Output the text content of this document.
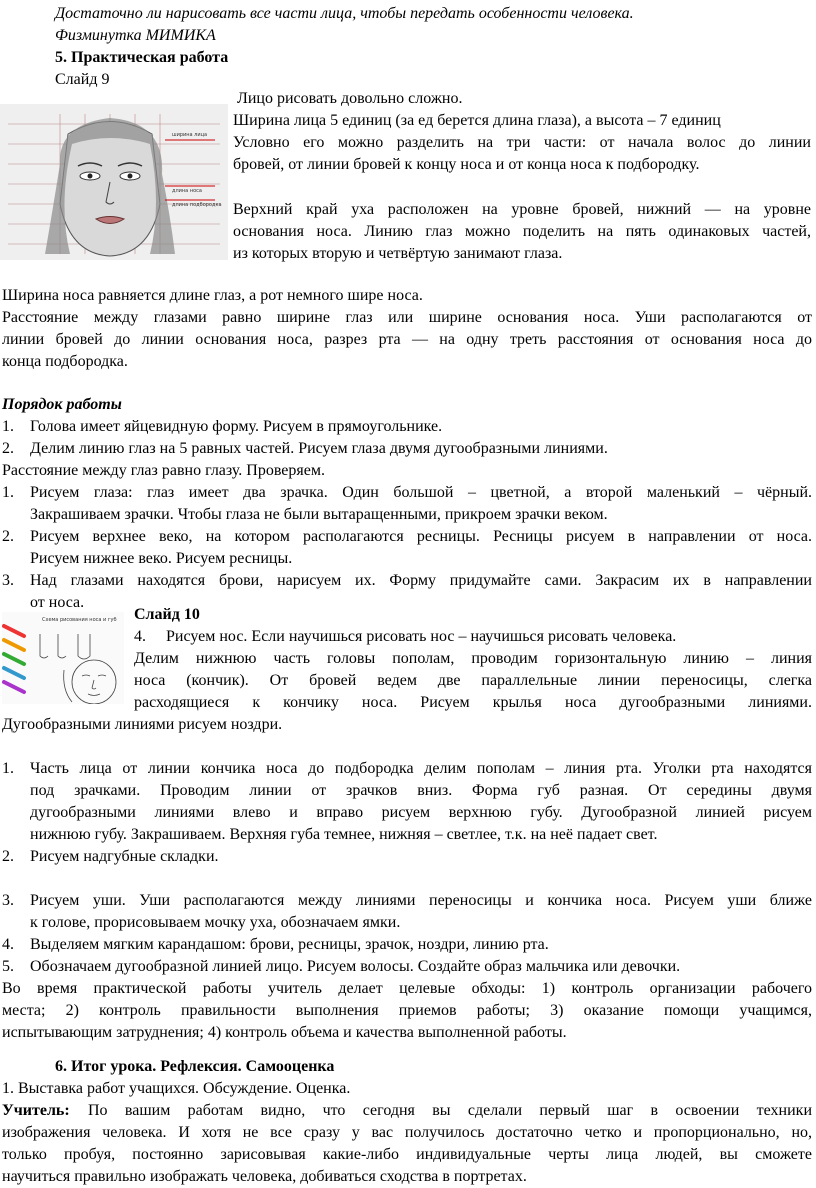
Достаточно ли нарисовать все части лица, чтобы передать особенности человека.
Физминутка МИМИКА
5. Практическая работа
Слайд 9
ширина лица
длина носа
длина подбородка
Лицо рисовать довольно сложно.
Ширина лица 5 единиц (за ед берется длина глаза), а высота – 7 единиц
Условно его можно разделить на три части: от начала волос до линии
бровей, от линии бровей к концу носа и от конца носа к подбородку.
Верхний край уха расположен на уровне бровей, нижний — на уровне
основания носа. Линию глаз можно поделить на пять одинаковых частей,
из которых вторую и четвёртую занимают глаза.
Ширина носа равняется длине глаз, а рот немного шире носа.
Расстояние между глазами равно ширине глаз или ширине основания носа. Уши располагаются от
линии бровей до линии основания носа, разрез рта — на одну треть расстояния от основания носа до
конца подбородка.
Порядок работы
1. Голова имеет яйцевидную форму. Рисуем в прямоугольнике.
2. Делим линию глаз на 5 равных частей. Рисуем глаза двумя дугообразными линиями.
Расстояние между глаз равно глазу. Проверяем.
1. Рисуем глаза: глаз имеет два зрачка. Один большой – цветной, а второй маленький – чёрный.
Закрашиваем зрачки. Чтобы глаза не были вытаращенными, прикроем зрачки веком.
2. Рисуем верхнее веко, на котором располагаются ресницы. Ресницы рисуем в направлении от носа.
Рисуем нижнее веко. Рисуем ресницы.
3. Над глазами находятся брови, нарисуем их. Форму придумайте сами. Закрасим их в направлении
от носа.
Схема рисования носа и губ Слайд 10
4. Рисуем нос. Если научишься рисовать нос – научишься рисовать человека.
Делим нижнюю часть головы пополам, проводим горизонтальную линию – линия
носа (кончик). От бровей ведем две параллельные линии переносицы, слегка
расходящиеся к кончику носа. Рисуем крылья носа дугообразными линиями.
Дугообразными линиями рисуем ноздри.
1. Часть лица от линии кончика носа до подбородка делим пополам – линия рта. Уголки рта находятся
под зрачками. Проводим линии от зрачков вниз. Форма губ разная. От середины двумя
дугообразными линиями влево и вправо рисуем верхнюю губу. Дугообразной линией рисуем
нижнюю губу. Закрашиваем. Верхняя губа темнее, нижняя – светлее, т.к. на неё падает свет.
2. Рисуем надгубные складки.
3. Рисуем уши. Уши располагаются между линиями переносицы и кончика носа. Рисуем уши ближе
к голове, прорисовываем мочку уха, обозначаем ямки.
4. Выделяем мягким карандашом: брови, ресницы, зрачок, ноздри, линию рта.
5. Обозначаем дугообразной линией лицо. Рисуем волосы. Создайте образ мальчика или девочки.
Во время практической работы учитель делает целевые обходы: 1) контроль организации рабочего
места; 2) контроль правильности выполнения приемов работы; 3) оказание помощи учащимся,
испытывающим затруднения; 4) контроль объема и качества выполненной работы.
6. Итог урока. Рефлексия. Самооценка
1. Выставка работ учащихся. Обсуждение. Оценка.
Учитель: По вашим работам видно, что сегодня вы сделали первый шаг в освоении техники
изображения человека. И хотя не все сразу у вас получилось достаточно четко и пропорционально, но,
только пробуя, постоянно зарисовывая какие-либо индивидуальные черты лица людей, вы сможете
научиться правильно изображать человека, добиваться сходства в портретах.
